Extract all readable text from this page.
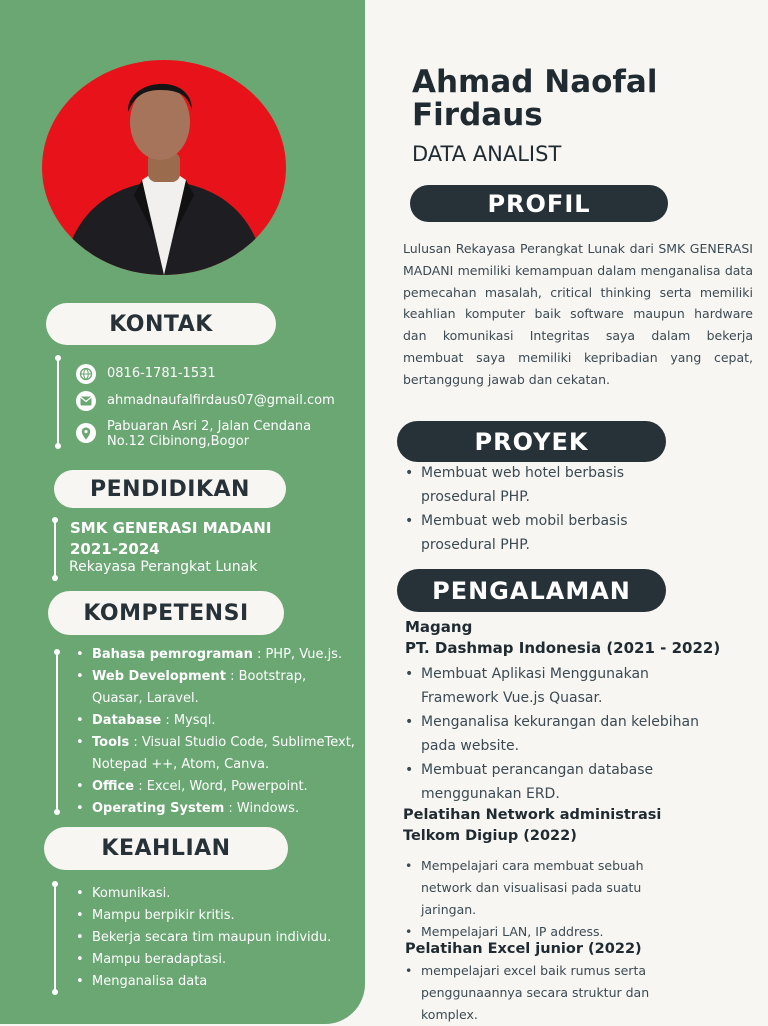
KONTAK
0816-1781-1531
ahmadnaufalfirdaus07@gmail.com
Pabuaran Asri 2, Jalan Cendana
No.12 Cibinong,Bogor
PENDIDIKAN
SMK GENERASI MADANI
2021-2024
Rekayasa Perangkat Lunak
KOMPETENSI
• Bahasa pemrograman : PHP, Vue.js.
• Web Development : Bootstrap, Quasar, Laravel.
• Database : Mysql.
• Tools : Visual Studio Code, SublimeText, Notepad ++, Atom, Canva.
• Office : Excel, Word, Powerpoint.
• Operating System : Windows.
KEAHLIAN
• Komunikasi.
• Mampu berpikir kritis.
• Bekerja secara tim maupun individu.
• Mampu beradaptasi.
• Menganalisa data
Ahmad Naofal
Firdaus
DATA ANALIST
PROFIL
Lulusan Rekayasa Perangkat Lunak dari SMK GENERASI MADANI memiliki kemampuan dalam menganalisa data pemecahan masalah, critical thinking serta memiliki keahlian komputer baik software maupun hardware dan komunikasi Integritas saya dalam bekerja membuat saya memiliki kepribadian yang cepat, bertanggung jawab dan cekatan.
PROYEK
• Membuat web hotel berbasis prosedural PHP.
• Membuat web mobil berbasis prosedural PHP.
PENGALAMAN
Magang
PT. Dashmap Indonesia (2021 - 2022)
• Membuat Aplikasi Menggunakan Framework Vue.js Quasar.
• Menganalisa kekurangan dan kelebihan pada website.
• Membuat perancangan database menggunakan ERD.
Pelatihan Network administrasi
Telkom Digiup (2022)
• Mempelajari cara membuat sebuah network dan visualisasi pada suatu jaringan.
• Mempelajari LAN, IP address.
Pelatihan Excel junior (2022)
• mempelajari excel baik rumus serta penggunaannya secara struktur dan komplex.
